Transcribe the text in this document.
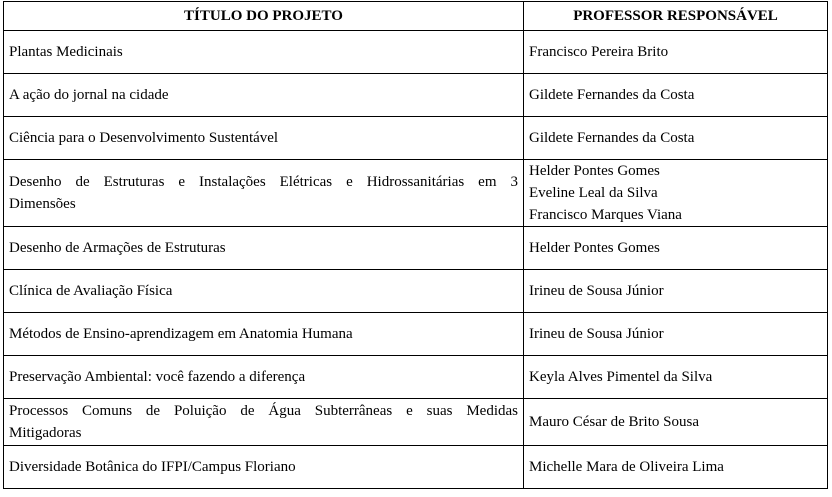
TÍTULO DO PROJETO	PROFESSOR RESPONSÁVEL
Plantas Medicinais	Francisco Pereira Brito

A ação do jornal na cidade	Gildete Fernandes da Costa

Ciência para o Desenvolvimento Sustentável	Gildete Fernandes da Costa

Desenho de Estruturas e Instalações Elétricas e Hidrossanitárias em 3
Dimensões	Helder Pontes Gomes
Eveline Leal da Silva
Francisco Marques Viana

Desenho de Armações de Estruturas	Helder Pontes Gomes

Clínica de Avaliação Física	Irineu de Sousa Júnior

Métodos de Ensino-aprendizagem em Anatomia Humana	Irineu de Sousa Júnior

Preservação Ambiental: você fazendo a diferença	Keyla Alves Pimentel da Silva

Processos Comuns de Poluição de Água Subterrâneas e suas Medidas
Mitigadoras	Mauro César de Brito Sousa

Diversidade Botânica do IFPI/Campus Floriano	Michelle Mara de Oliveira Lima
